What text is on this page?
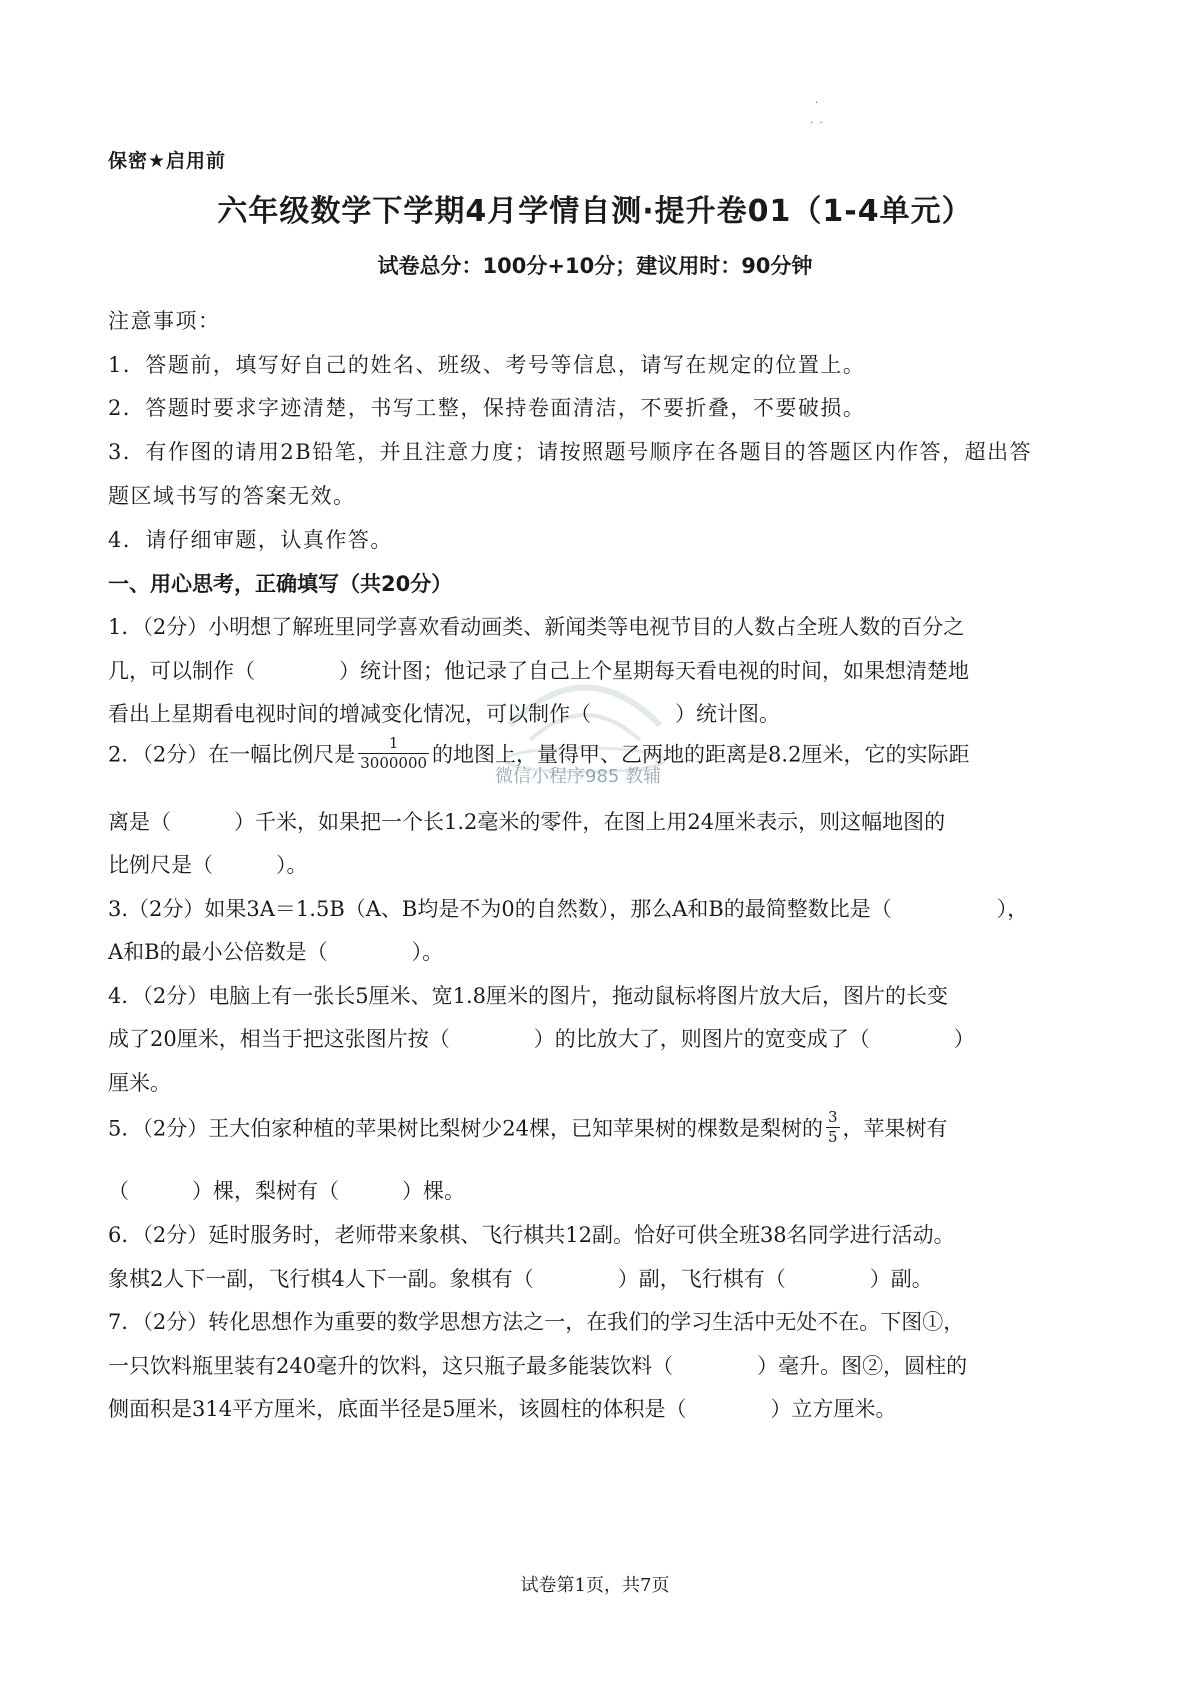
·
·  ·
微信小程序985 教辅
保密★启用前
六年级数学下学期4月学情自测·提升卷01（1-4单元）
试卷总分：100分+10分；建议用时：90分钟
注意事项：
1．答题前，填写好自己的姓名、班级、考号等信息，请写在规定的位置上。
2．答题时要求字迹清楚，书写工整，保持卷面清洁，不要折叠，不要破损。
3．有作图的请用2B铅笔，并且注意力度；请按照题号顺序在各题目的答题区内作答，超出答
题区域书写的答案无效。
4．请仔细审题，认真作答。
一、用心思考，正确填写（共20分）
1．（2分）小明想了解班里同学喜欢看动画类、新闻类等电视节目的人数占全班人数的百分之
几，可以制作（　　　　）统计图；他记录了自己上个星期每天看电视的时间，如果想清楚地
看出上星期看电视时间的增减变化情况，可以制作（　　　　）统计图。
2．（2分）在一幅比例尺是 $\frac{1}{3000000}$ 的地图上，量得甲、乙两地的距离是8.2厘米，它的实际距
离是（　　　）千米，如果把一个长1.2毫米的零件，在图上用24厘米表示，则这幅地图的
比例尺是（　　　）。
3.（2分）如果3A＝1.5B（A、B均是不为0的自然数），那么A和B的最简整数比是（　　　　　），
A和B的最小公倍数是（　　　　）。
4．（2分）电脑上有一张长5厘米、宽1.8厘米的图片，拖动鼠标将图片放大后，图片的长变
成了20厘米，相当于把这张图片按（　　　　）的比放大了，则图片的宽变成了（　　　　）
厘米。
5．（2分）王大伯家种植的苹果树比梨树少24棵，已知苹果树的棵数是梨树的 $\frac{3}{5}$ ，苹果树有
（　　　）棵，梨树有（　　　）棵。
6．（2分）延时服务时，老师带来象棋、飞行棋共12副。恰好可供全班38名同学进行活动。
象棋2人下一副，飞行棋4人下一副。象棋有（　　　　）副，飞行棋有（　　　　）副。
7．（2分）转化思想作为重要的数学思想方法之一，在我们的学习生活中无处不在。下图①，
一只饮料瓶里装有240毫升的饮料，这只瓶子最多能装饮料（　　　　）毫升。图②，圆柱的
侧面积是314平方厘米，底面半径是5厘米，该圆柱的体积是（　　　　）立方厘米。
试卷第1页，共7页
